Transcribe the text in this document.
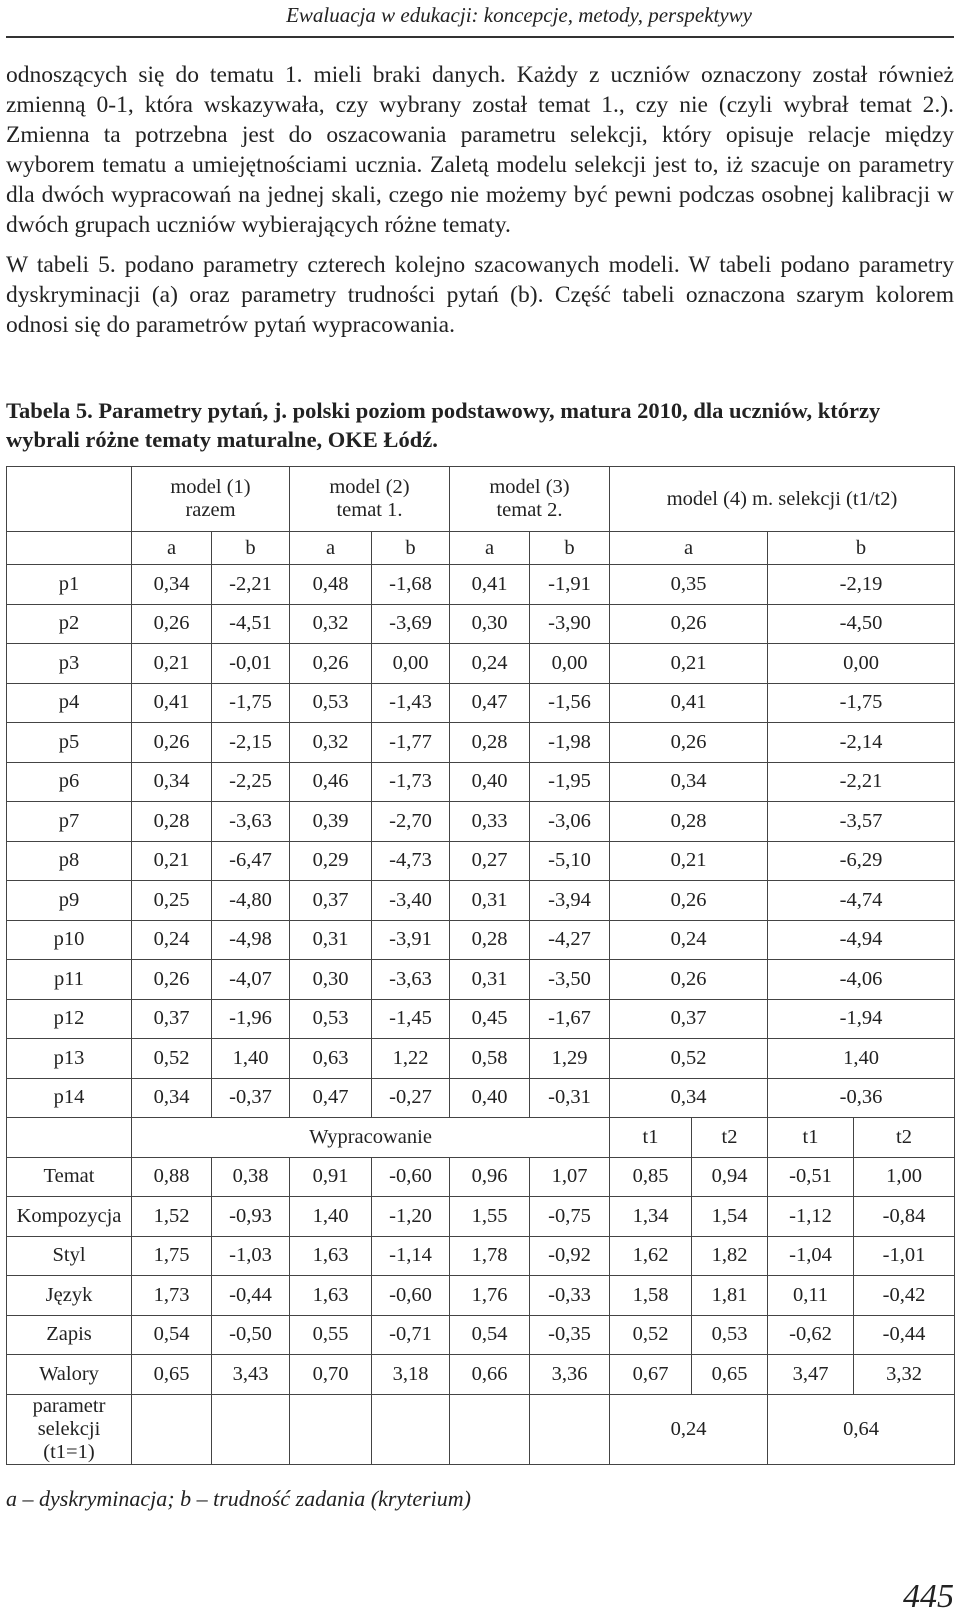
Ewaluacja w edukacji: koncepcje, metody, perspektywy

odnoszących się do tematu 1. mieli braki danych. Każdy z uczniów oznaczony został również zmienną 0-1, która wskazywała, czy wybrany został temat 1., czy nie (czyli wybrał temat 2.). Zmienna ta potrzebna jest do oszacowania parametru selekcji, który opisuje relacje między wyborem tematu a umiejętnościami ucznia. Zaletą modelu selekcji jest to, iż szacuje on parametry dla dwóch wypracowań na jednej skali, czego nie możemy być pewni podczas osobnej kalibracji w dwóch grupach uczniów wybierających różne tematy.

W tabeli 5. podano parametry czterech kolejno szacowanych modeli. W tabeli podano parametry dyskryminacji (a) oraz parametry trudności pytań (b). Część tabeli oznaczona szarym kolorem odnosi się do parametrów pytań wypracowania.

Tabela 5. Parametry pytań, j. polski poziom podstawowy, matura 2010, dla uczniów, którzy wybrali różne tematy maturalne, OKE Łódź.
	model (1)
razem		model (2)
temat 1.		model (3)
temat 2.		model (4) m. selekcji (t1/t2)			
	a	b	a	b	a	b	a		b	
p1	0,34	-2,21	0,48	-1,68	0,41	-1,91	0,35		-2,19	
p2	0,26	-4,51	0,32	-3,69	0,30	-3,90	0,26		-4,50	
p3	0,21	-0,01	0,26	0,00	0,24	0,00	0,21		0,00	
p4	0,41	-1,75	0,53	-1,43	0,47	-1,56	0,41		-1,75	
p5	0,26	-2,15	0,32	-1,77	0,28	-1,98	0,26		-2,14	
p6	0,34	-2,25	0,46	-1,73	0,40	-1,95	0,34		-2,21	
p7	0,28	-3,63	0,39	-2,70	0,33	-3,06	0,28		-3,57	
p8	0,21	-6,47	0,29	-4,73	0,27	-5,10	0,21		-6,29	
p9	0,25	-4,80	0,37	-3,40	0,31	-3,94	0,26		-4,74	
p10	0,24	-4,98	0,31	-3,91	0,28	-4,27	0,24		-4,94	
p11	0,26	-4,07	0,30	-3,63	0,31	-3,50	0,26		-4,06	
p12	0,37	-1,96	0,53	-1,45	0,45	-1,67	0,37		-1,94	
p13	0,52	1,40	0,63	1,22	0,58	1,29	0,52		1,40	
p14	0,34	-0,37	0,47	-0,27	0,40	-0,31	0,34		-0,36	
	Wypracowanie						t1	t2	t1	t2
Temat	0,88	0,38	0,91	-0,60	0,96	1,07	0,85	0,94	-0,51	1,00
Kompozycja	1,52	-0,93	1,40	-1,20	1,55	-0,75	1,34	1,54	-1,12	-0,84
Styl	1,75	-1,03	1,63	-1,14	1,78	-0,92	1,62	1,82	-1,04	-1,01
Język	1,73	-0,44	1,63	-0,60	1,76	-0,33	1,58	1,81	0,11	-0,42
Zapis	0,54	-0,50	0,55	-0,71	0,54	-0,35	0,52	0,53	-0,62	-0,44
Walory	0,65	3,43	0,70	3,18	0,66	3,36	0,67	0,65	3,47	3,32
parametr
selekcji
(t1=1)							0,24		0,64	
a – dyskryminacja; b – trudność zadania (kryterium)
445
